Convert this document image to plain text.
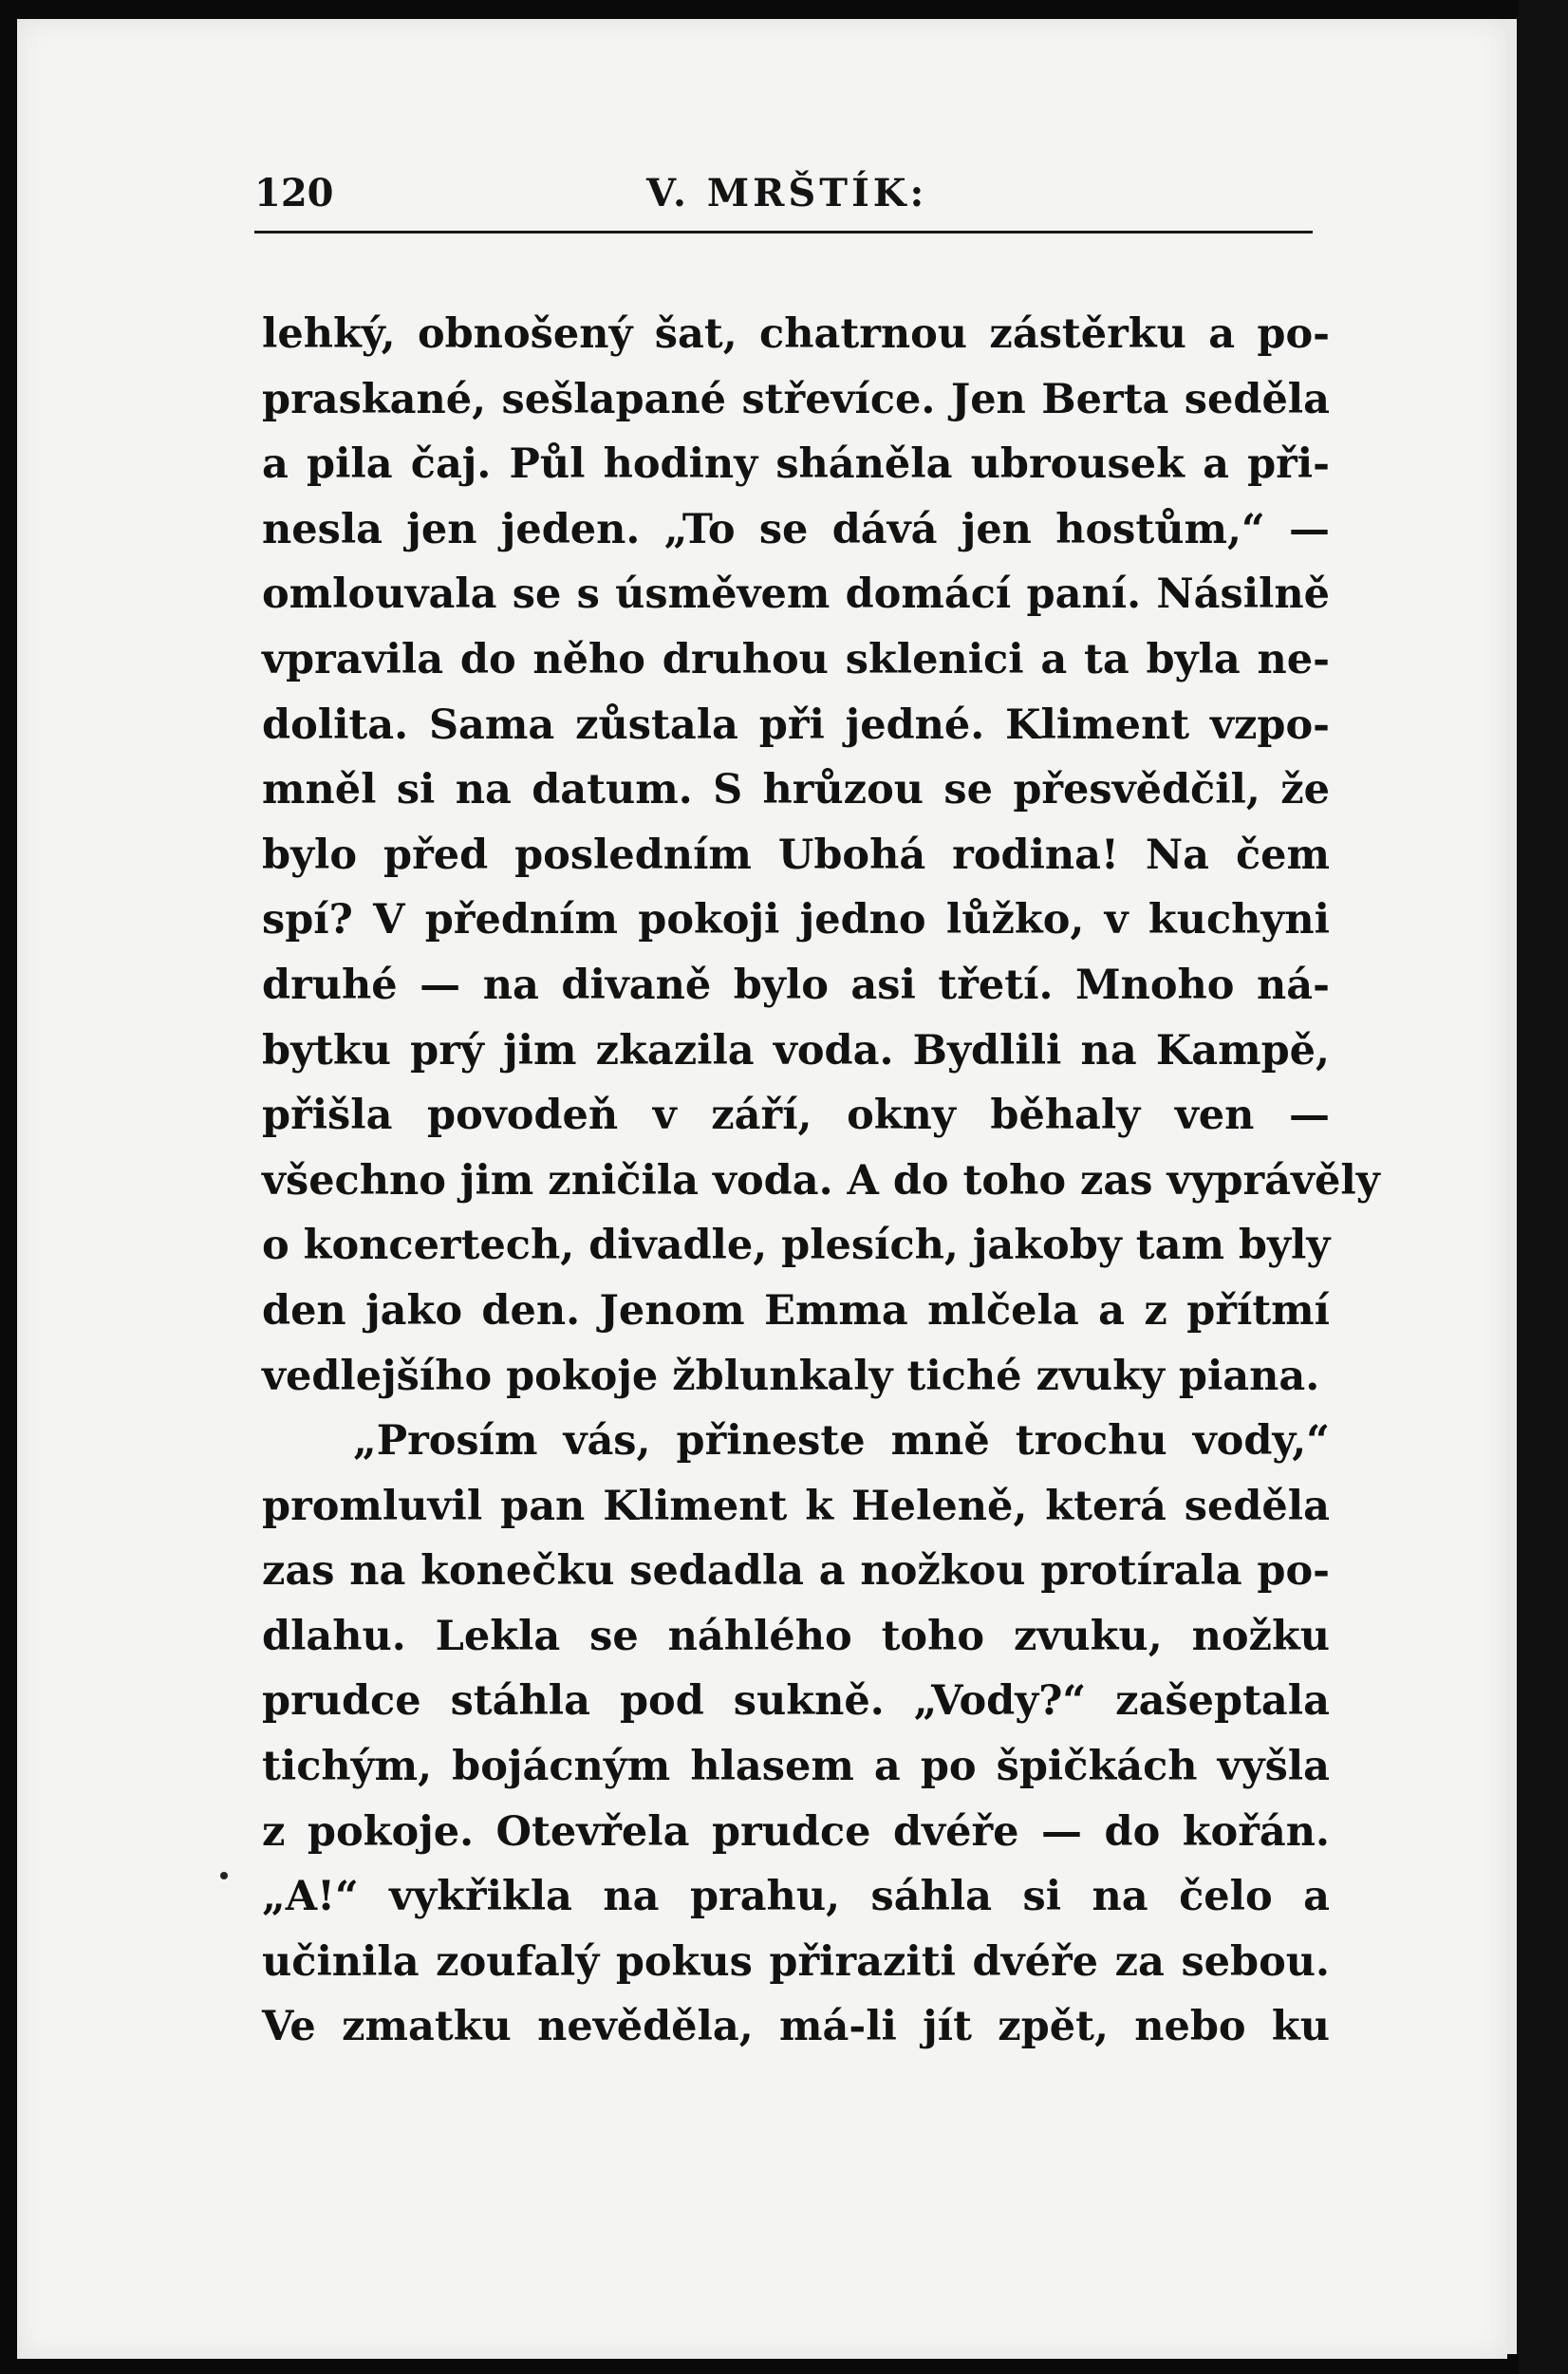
120	V. MRŠTÍK:
lehký, obnošený šat, chatrnou zástěrku a po-
praskané, sešlapané střevíce. Jen Berta seděla
a pila čaj. Půl hodiny sháněla ubrousek a při-
nesla jen jeden. „To se dává jen hostům,“ —
omlouvala se s úsměvem domácí paní. Násilně
vpravila do něho druhou sklenici a ta byla ne-
dolita. Sama zůstala při jedné. Kliment vzpo-
mněl si na datum. S hrůzou se přesvědčil, že
bylo před posledním Ubohá rodina! Na čem
spí? V předním pokoji jedno lůžko, v kuchyni
druhé — na divaně bylo asi třetí. Mnoho ná-
bytku prý jim zkazila voda. Bydlili na Kampě,
přišla povodeň v září, okny běhaly ven —
všechno jim zničila voda. A do toho zas vyprávěly
o koncertech, divadle, plesích, jakoby tam byly
den jako den. Jenom Emma mlčela a z přítmí
vedlejšího pokoje žblunkaly tiché zvuky piana.
„Prosím vás, přineste mně trochu vody,“
promluvil pan Kliment k Heleně, která seděla
zas na konečku sedadla a nožkou protírala po-
dlahu. Lekla se náhlého toho zvuku, nožku
prudce stáhla pod sukně. „Vody?“ zašeptala
tichým, bojácným hlasem a po špičkách vyšla
z pokoje. Otevřela prudce dvéře — do kořán.
„A!“ vykřikla na prahu, sáhla si na čelo a
učinila zoufalý pokus přiraziti dvéře za sebou.
Ve zmatku nevěděla, má-li jít zpět, nebo ku
